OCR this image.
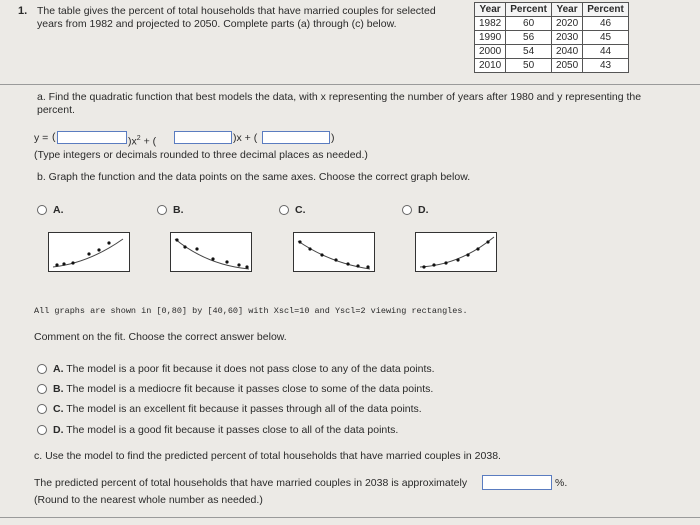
1. The table gives the percent of total households that have married couples for selected years from 1982 and projected to 2050. Complete parts (a) through (c) below.
Year	Percent	Year	Percent
1982	60	2020	46
1990	56	2030	45
2000	54	2040	44
2010	50	2050	43
a. Find the quadratic function that best models the data, with x representing the number of years after 1980 and y representing the percent.
y = (	)$x^2$ + (	)x + (	)
(Type integers or decimals rounded to three decimal places as needed.)
b. Graph the function and the data points on the same axes. Choose the correct graph below.
A.	B.	C.	D.
All graphs are shown in [0,80] by [40,60] with Xscl=10 and Yscl=2 viewing rectangles.
Comment on the fit. Choose the correct answer below.
A. The model is a poor fit because it does not pass close to any of the data points.
B. The model is a mediocre fit because it passes close to some of the data points.
C. The model is an excellent fit because it passes through all of the data points.
D. The model is a good fit because it passes close to all of the data points.
c. Use the model to find the predicted percent of total households that have married couples in 2038.
The predicted percent of total households that have married couples in 2038 is approximately	%.
(Round to the nearest whole number as needed.)
